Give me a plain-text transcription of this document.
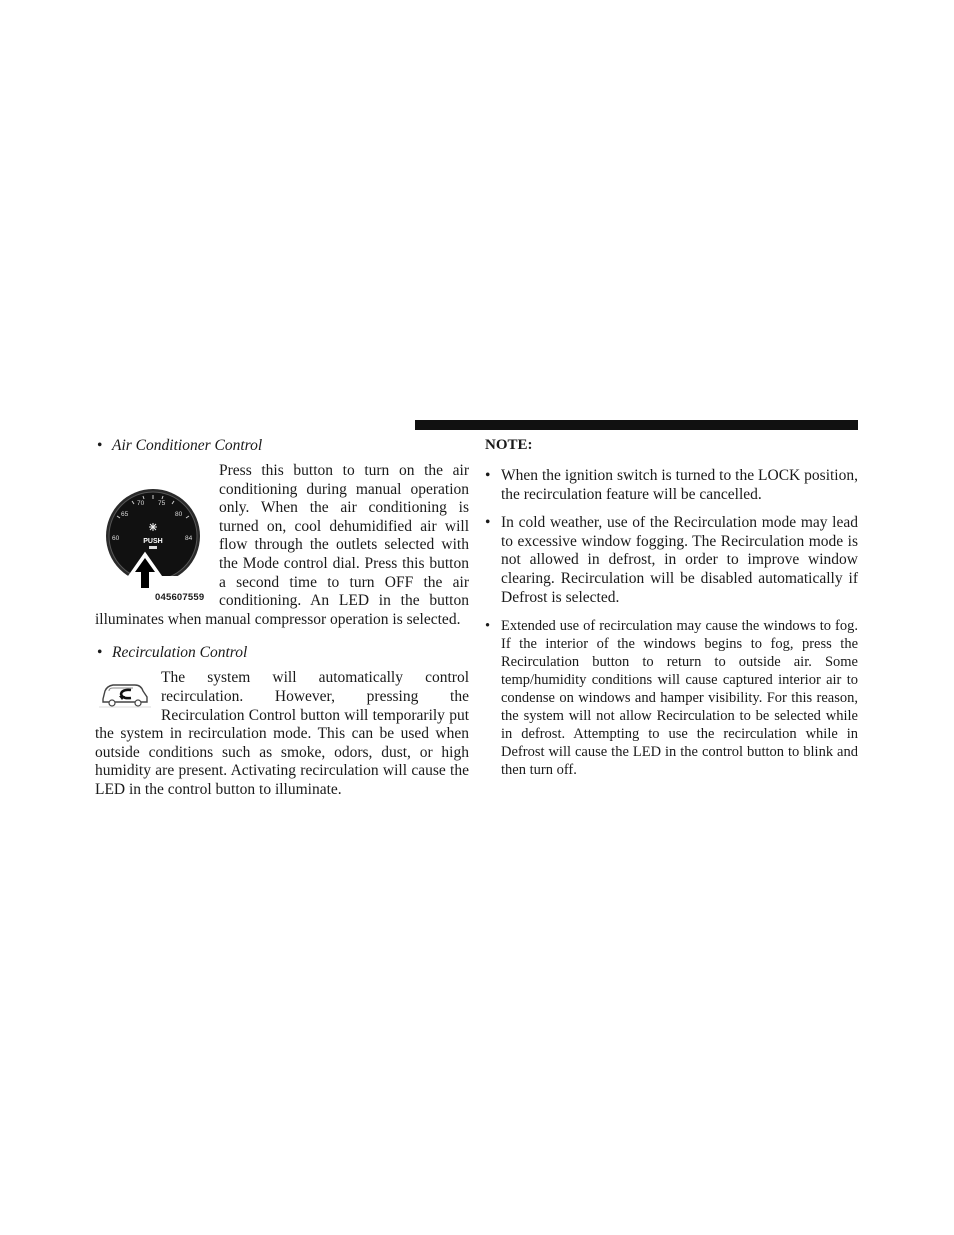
• Air Conditioner Control
60
65
70 75
80
84
PUSH
045607559
Press this button to turn on the air conditioning during manual operation only. When the air conditioning is turned on, cool dehumidified air will flow through the outlets selected with the Mode control dial. Press this button a second time to turn OFF the air conditioning. An LED in the button illuminates when manual compressor operation is selected.
• Recirculation Control
The system will automatically control recirculation. However, pressing the Recirculation Control button will temporarily put the system in recirculation mode. This can be used when outside conditions such as smoke, odors, dust, or high humidity are present. Activating recirculation will cause the LED in the control button to illuminate.
NOTE:
• When the ignition switch is turned to the LOCK position, the recirculation feature will be cancelled.
• In cold weather, use of the Recirculation mode may lead to excessive window fogging. The Recirculation mode is not allowed in defrost, in order to improve window clearing. Recirculation will be disabled automatically if Defrost is selected.
• Extended use of recirculation may cause the windows to fog. If the interior of the windows begins to fog, press the Recirculation button to return to outside air. Some temp/humidity conditions will cause captured interior air to condense on windows and hamper visibility. For this reason, the system will not allow Recirculation to be selected while in defrost. Attempting to use the recirculation while in Defrost will cause the LED in the control button to blink and then turn off.
